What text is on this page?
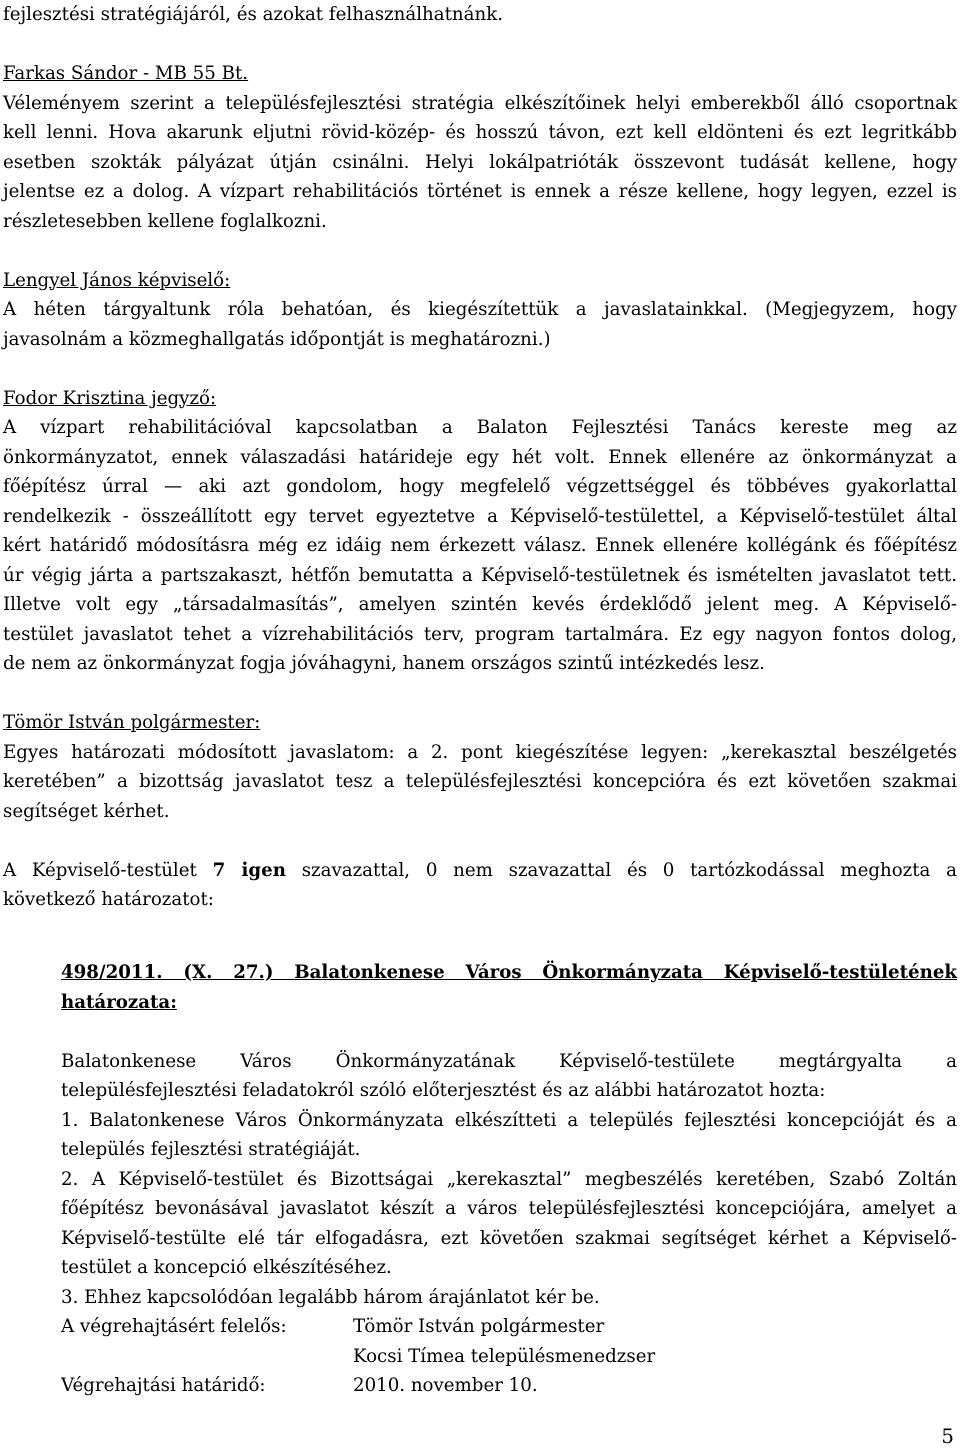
fejlesztési stratégiájáról, és azokat felhasználhatnánk.
Farkas Sándor - MB 55 Bt.
Véleményem szerint a településfejlesztési stratégia elkészítőinek helyi emberekből álló csoportnak
kell lenni. Hova akarunk eljutni rövid-közép- és hosszú távon, ezt kell eldönteni és ezt legritkább
esetben szokták pályázat útján csinálni. Helyi lokálpatrióták összevont tudását kellene, hogy
jelentse ez a dolog. A vízpart rehabilitációs történet is ennek a része kellene, hogy legyen, ezzel is
részletesebben kellene foglalkozni.
Lengyel János képviselő:
A héten tárgyaltunk róla behatóan, és kiegészítettük a javaslatainkkal. (Megjegyzem, hogy
javasolnám a közmeghallgatás időpontját is meghatározni.)
Fodor Krisztina jegyző:
A vízpart rehabilitációval kapcsolatban a Balaton Fejlesztési Tanács kereste meg az
önkormányzatot, ennek válaszadási határideje egy hét volt. Ennek ellenére az önkormányzat a
főépítész úrral — aki azt gondolom, hogy megfelelő végzettséggel és többéves gyakorlattal
rendelkezik - összeállított egy tervet egyeztetve a Képviselő-testülettel, a Képviselő-testület által
kért határidő módosításra még ez idáig nem érkezett válasz. Ennek ellenére kollégánk és főépítész
úr végig járta a partszakaszt, hétfőn bemutatta a Képviselő-testületnek és ismételten javaslatot tett.
Illetve volt egy „társadalmasítás”, amelyen szintén kevés érdeklődő jelent meg. A Képviselő-
testület javaslatot tehet a vízrehabilitációs terv, program tartalmára. Ez egy nagyon fontos dolog,
de nem az önkormányzat fogja jóváhagyni, hanem országos szintű intézkedés lesz.
Tömör István polgármester:
Egyes határozati módosított javaslatom: a 2. pont kiegészítése legyen: „kerekasztal beszélgetés
keretében” a bizottság javaslatot tesz a településfejlesztési koncepcióra és ezt követően szakmai
segítséget kérhet.
A Képviselő-testület 7 igen szavazattal, 0 nem szavazattal és 0 tartózkodással meghozta a
következő határozatot:
498/2011. (X. 27.) Balatonkenese Város Önkormányzata Képviselő-testületének
határozata:
Balatonkenese Város Önkormányzatának Képviselő-testülete megtárgyalta a
településfejlesztési feladatokról szóló előterjesztést és az alábbi határozatot hozta:
1. Balatonkenese Város Önkormányzata elkészítteti a település fejlesztési koncepcióját és a
település fejlesztési stratégiáját.
2. A Képviselő-testület és Bizottságai „kerekasztal” megbeszélés keretében, Szabó Zoltán
főépítész bevonásával javaslatot készít a város településfejlesztési koncepciójára, amelyet a
Képviselő-testülte elé tár elfogadásra, ezt követően szakmai segítséget kérhet a Képviselő-
testület a koncepció elkészítéséhez.
3. Ehhez kapcsolódóan legalább három árajánlatot kér be.
A végrehajtásért felelős:	Tömör István polgármester
Kocsi Tímea településmenedzser
Végrehajtási határidő:	2010. november 10.
5
